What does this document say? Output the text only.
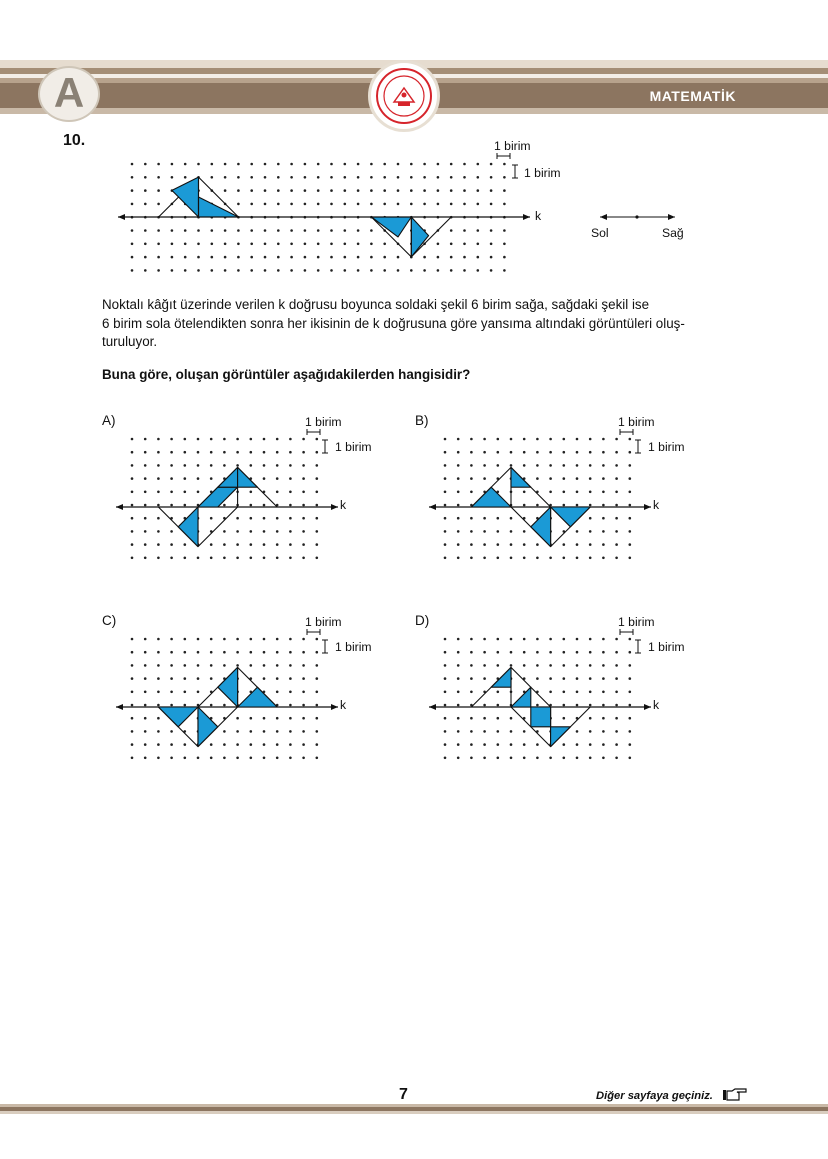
A	MATEMATİK
10.	1 birim
1 birim
k
Sol	Sağ

Noktalı kâğıt üzerinde verilen k doğrusu boyunca soldaki şekil 6 birim sağa, sağdaki şekil ise

6 birim sola ötelendikten sonra her ikisinin de k doğrusuna göre yansıma altındaki görüntüleri oluş-

turuluyor.

Buna göre, oluşan görüntüler aşağıdakilerden hangisidir?
A)	B)
C)	D)
1 birim
1 birim
k
1 birim
1 birim
k
1 birim
1 birim
k
1 birim
1 birim
k
7	Diğer sayfaya geçiniz.
